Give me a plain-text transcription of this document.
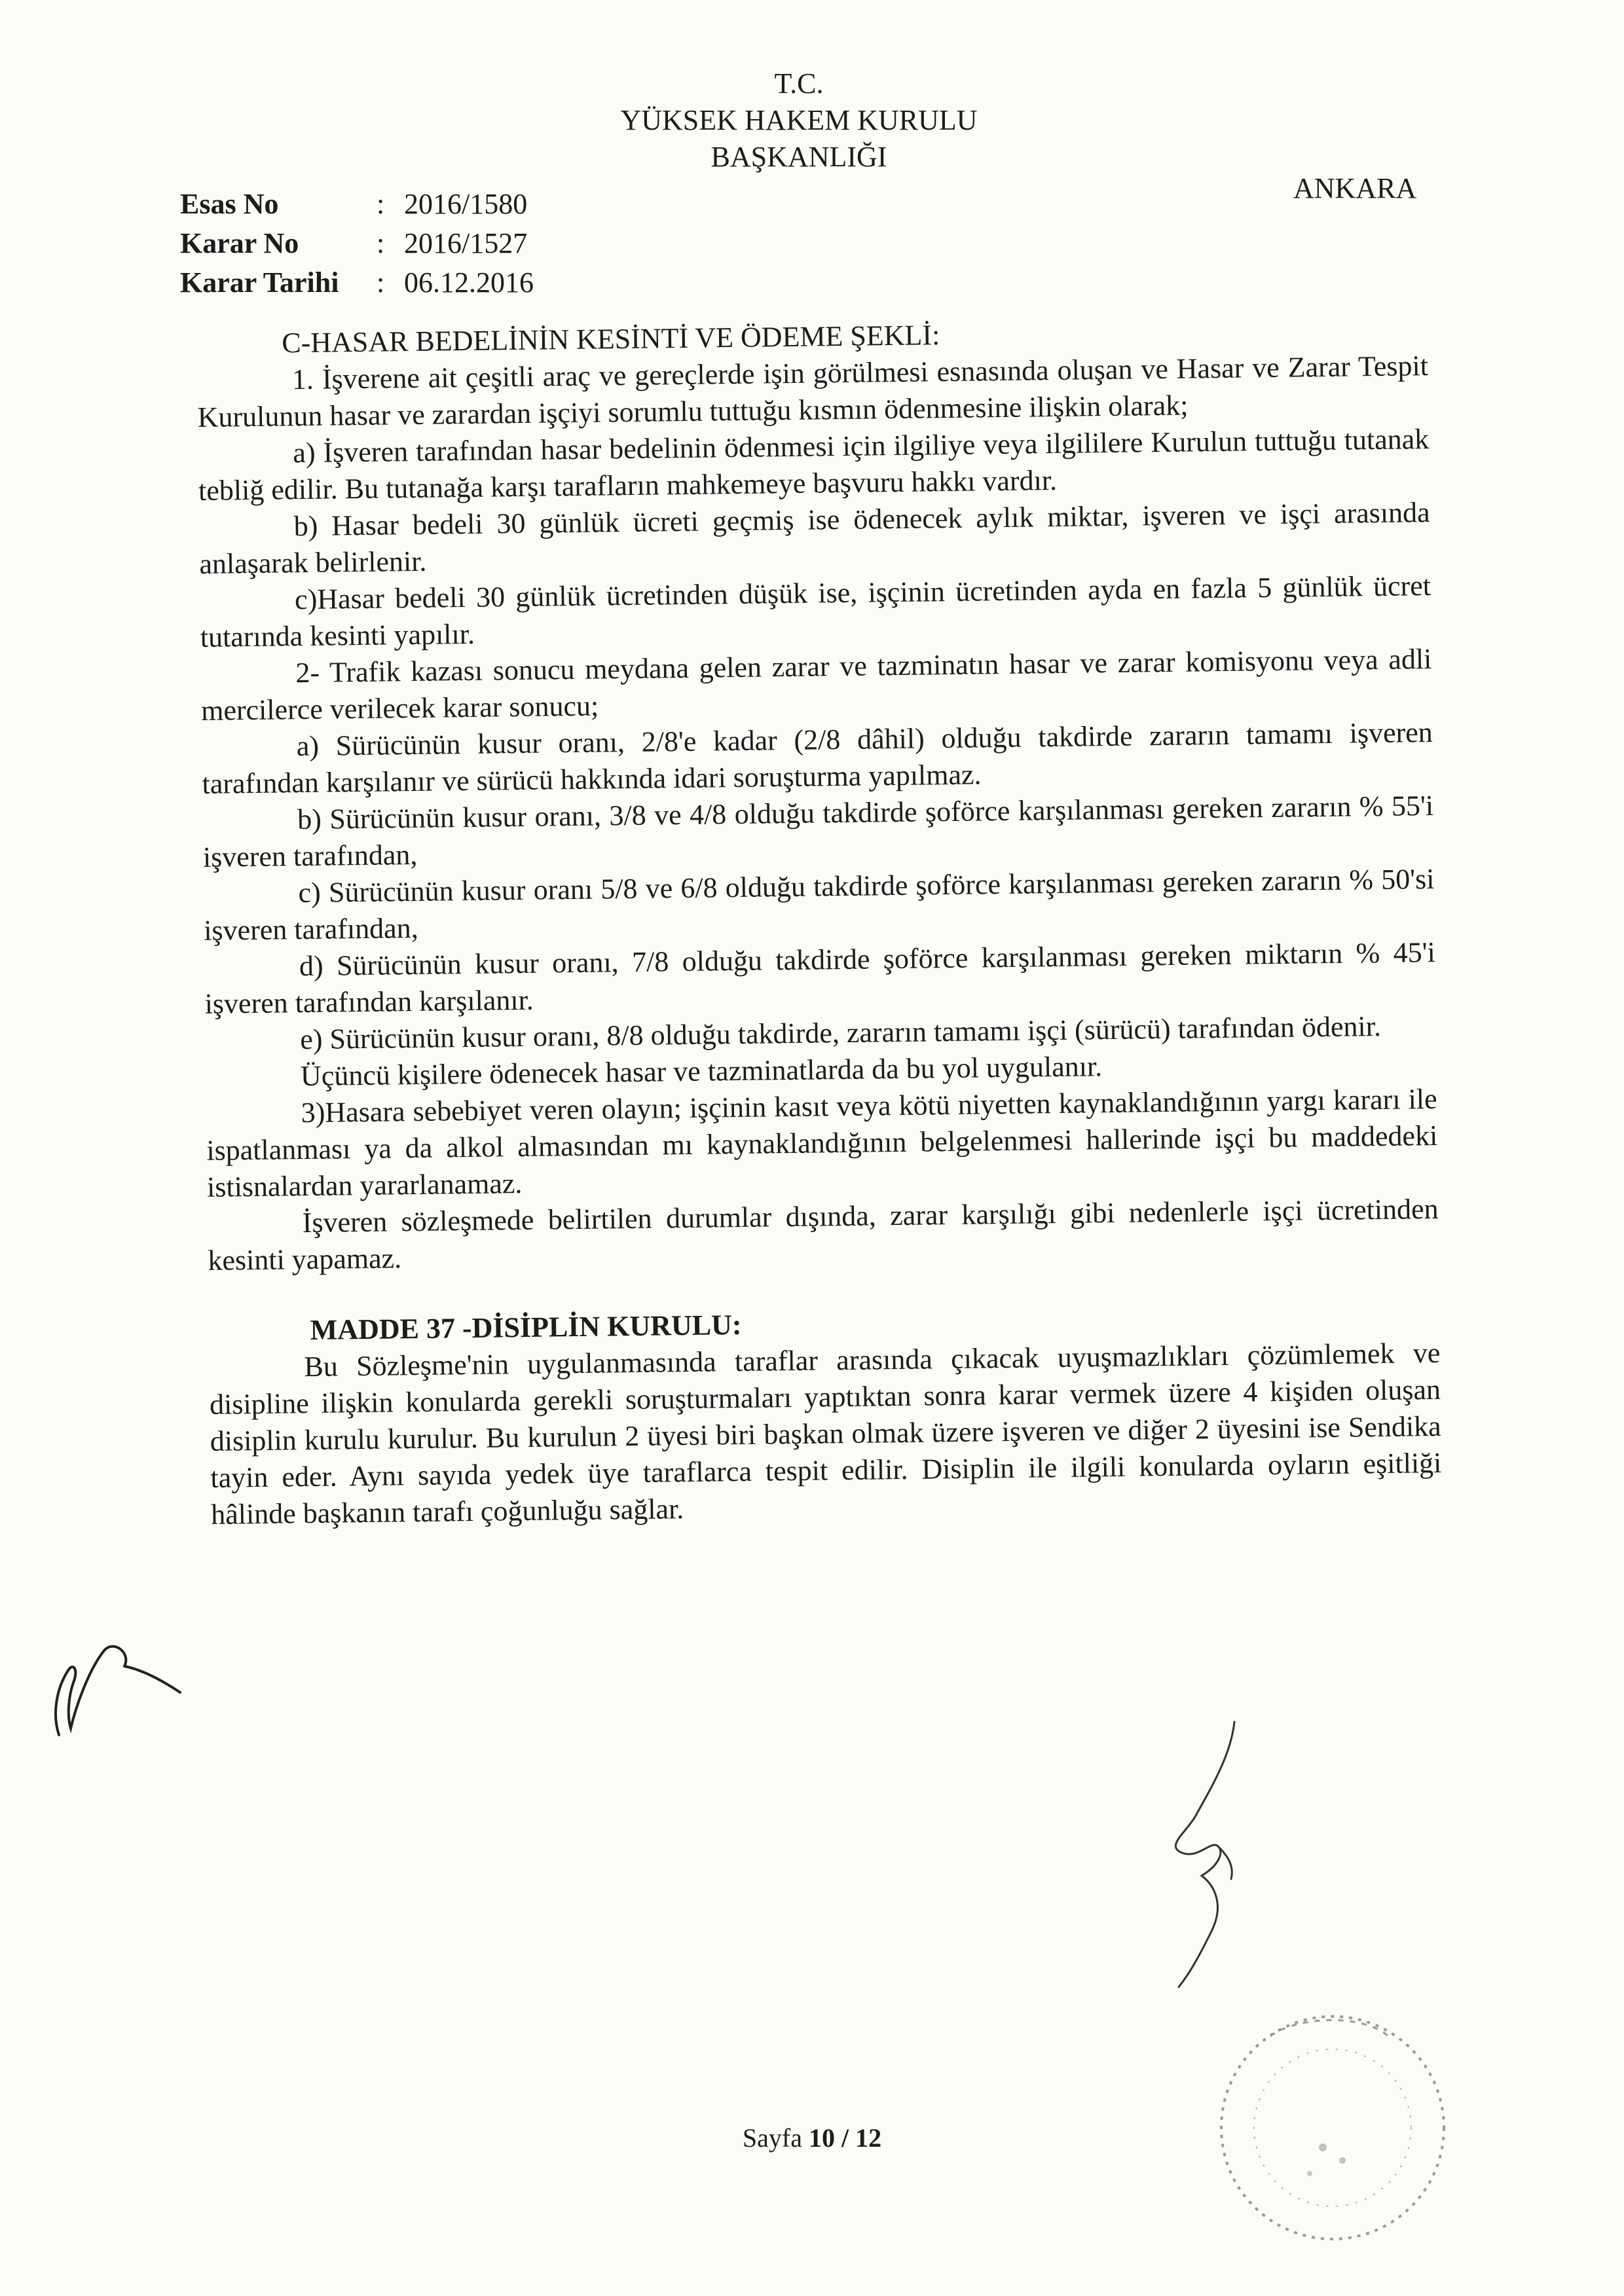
T.C.
YÜKSEK HAKEM KURULU
BAŞKANLIĞI
ANKARA
Esas No	: 2016/1580
Karar No	: 2016/1527
Karar Tarihi	: 06.12.2016

C-HASAR BEDELİNİN KESİNTİ VE ÖDEME ŞEKLİ:

1. İşverene ait çeşitli araç ve gereçlerde işin görülmesi esnasında oluşan ve Hasar ve Zarar Tespit Kurulunun hasar ve zarardan işçiyi sorumlu tuttuğu kısmın ödenmesine ilişkin olarak;

a) İşveren tarafından hasar bedelinin ödenmesi için ilgiliye veya ilgililere Kurulun tuttuğu tutanak tebliğ edilir. Bu tutanağa karşı tarafların mahkemeye başvuru hakkı vardır.

b) Hasar bedeli 30 günlük ücreti geçmiş ise ödenecek aylık miktar, işveren ve işçi arasında anlaşarak belirlenir.

c)Hasar bedeli 30 günlük ücretinden düşük ise, işçinin ücretinden ayda en fazla 5 günlük ücret tutarında kesinti yapılır.

2- Trafik kazası sonucu meydana gelen zarar ve tazminatın hasar ve zarar komisyonu veya adli mercilerce verilecek karar sonucu;

a) Sürücünün kusur oranı, 2/8'e kadar (2/8 dâhil) olduğu takdirde zararın tamamı işveren tarafından karşılanır ve sürücü hakkında idari soruşturma yapılmaz.

b) Sürücünün kusur oranı, 3/8 ve 4/8 olduğu takdirde şoförce karşılanması gereken zararın % 55'i işveren tarafından,

c) Sürücünün kusur oranı 5/8 ve 6/8 olduğu takdirde şoförce karşılanması gereken zararın % 50'si işveren tarafından,

d) Sürücünün kusur oranı, 7/8 olduğu takdirde şoförce karşılanması gereken miktarın % 45'i işveren tarafından karşılanır.

e) Sürücünün kusur oranı, 8/8 olduğu takdirde, zararın tamamı işçi (sürücü) tarafından ödenir.

Üçüncü kişilere ödenecek hasar ve tazminatlarda da bu yol uygulanır.

3)Hasara sebebiyet veren olayın; işçinin kasıt veya kötü niyetten kaynaklandığının yargı kararı ile ispatlanması ya da alkol almasından mı kaynaklandığının belgelenmesi hallerinde işçi bu maddedeki istisnalardan yararlanamaz.

İşveren sözleşmede belirtilen durumlar dışında, zarar karşılığı gibi nedenlerle işçi ücretinden kesinti yapamaz.

MADDE 37 -DİSİPLİN KURULU:

Bu Sözleşme'nin uygulanmasında taraflar arasında çıkacak uyuşmazlıkları çözümlemek ve disipline ilişkin konularda gerekli soruşturmaları yaptıktan sonra karar vermek üzere 4 kişiden oluşan disiplin kurulu kurulur. Bu kurulun 2 üyesi biri başkan olmak üzere işveren ve diğer 2 üyesini ise Sendika tayin eder. Aynı sayıda yedek üye taraflarca tespit edilir. Disiplin ile ilgili konularda oyların eşitliği hâlinde başkanın tarafı çoğunluğu sağlar.

Sayfa 10 / 12
